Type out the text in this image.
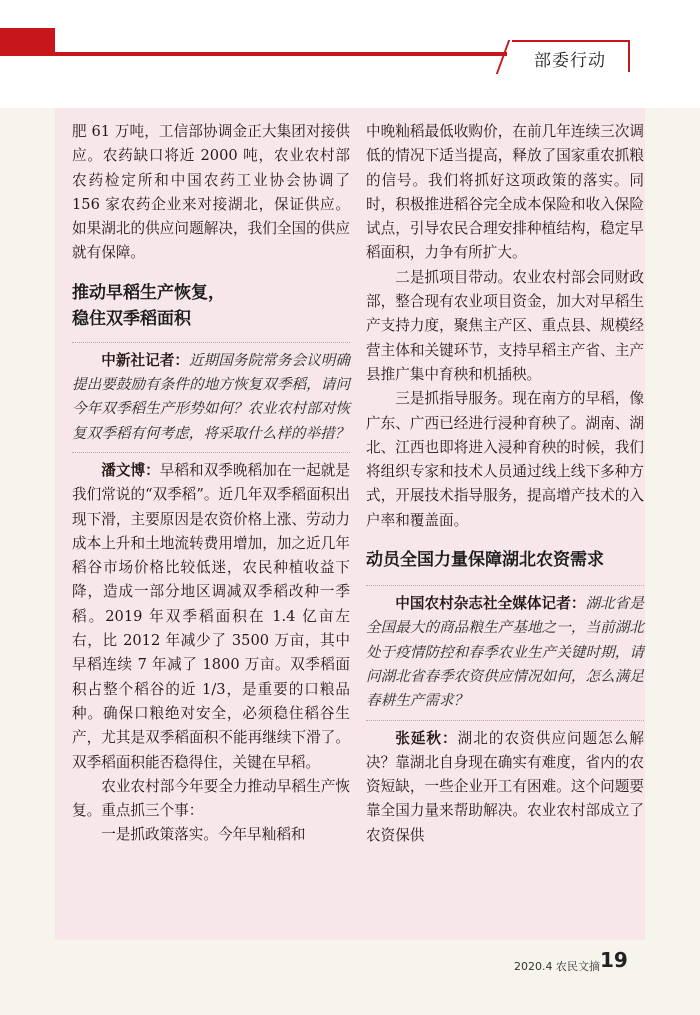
部委行动

肥 61 万吨，工信部协调金正大集团对接供应。农药缺口将近 2000 吨，农业农村部农药检定所和中国农药工业协会协调了 156 家农药企业来对接湖北，保证供应。如果湖北的供应问题解决，我们全国的供应就有保障。

推动早稻生产恢复，
稳住双季稻面积

中新社记者：近期国务院常务会议明确提出要鼓励有条件的地方恢复双季稻，请问今年双季稻生产形势如何？农业农村部对恢复双季稻有何考虑，将采取什么样的举措？

潘文博：早稻和双季晚稻加在一起就是我们常说的“双季稻”。近几年双季稻面积出现下滑，主要原因是农资价格上涨、劳动力成本上升和土地流转费用增加，加之近几年稻谷市场价格比较低迷，农民种植收益下降，造成一部分地区调减双季稻改种一季稻。2019 年双季稻面积在 1.4 亿亩左右，比 2012 年减少了 3500 万亩，其中早稻连续 7 年减了 1800 万亩。双季稻面积占整个稻谷的近 1/3，是重要的口粮品种。确保口粮绝对安全，必须稳住稻谷生产，尤其是双季稻面积不能再继续下滑了。双季稻面积能否稳得住，关键在早稻。

农业农村部今年要全力推动早稻生产恢复。重点抓三个事：

一是抓政策落实。今年早籼稻和

中晚籼稻最低收购价，在前几年连续三次调低的情况下适当提高，释放了国家重农抓粮的信号。我们将抓好这项政策的落实。同时，积极推进稻谷完全成本保险和收入保险试点，引导农民合理安排种植结构，稳定早稻面积，力争有所扩大。

二是抓项目带动。农业农村部会同财政部，整合现有农业项目资金，加大对早稻生产支持力度，聚焦主产区、重点县、规模经营主体和关键环节，支持早稻主产省、主产县推广集中育秧和机插秧。

三是抓指导服务。现在南方的早稻，像广东、广西已经进行浸种育秧了。湖南、湖北、江西也即将进入浸种育秧的时候，我们将组织专家和技术人员通过线上线下多种方式，开展技术指导服务，提高增产技术的入户率和覆盖面。

动员全国力量保障湖北农资需求

中国农村杂志社全媒体记者：湖北省是全国最大的商品粮生产基地之一，当前湖北处于疫情防控和春季农业生产关键时期，请问湖北省春季农资供应情况如何，怎么满足春耕生产需求？

张延秋：湖北的农资供应问题怎么解决？靠湖北自身现在确实有难度，省内的农资短缺，一些企业开工有困难。这个问题要靠全国力量来帮助解决。农业农村部成立了农资保供

2020.4 农民文摘 19
